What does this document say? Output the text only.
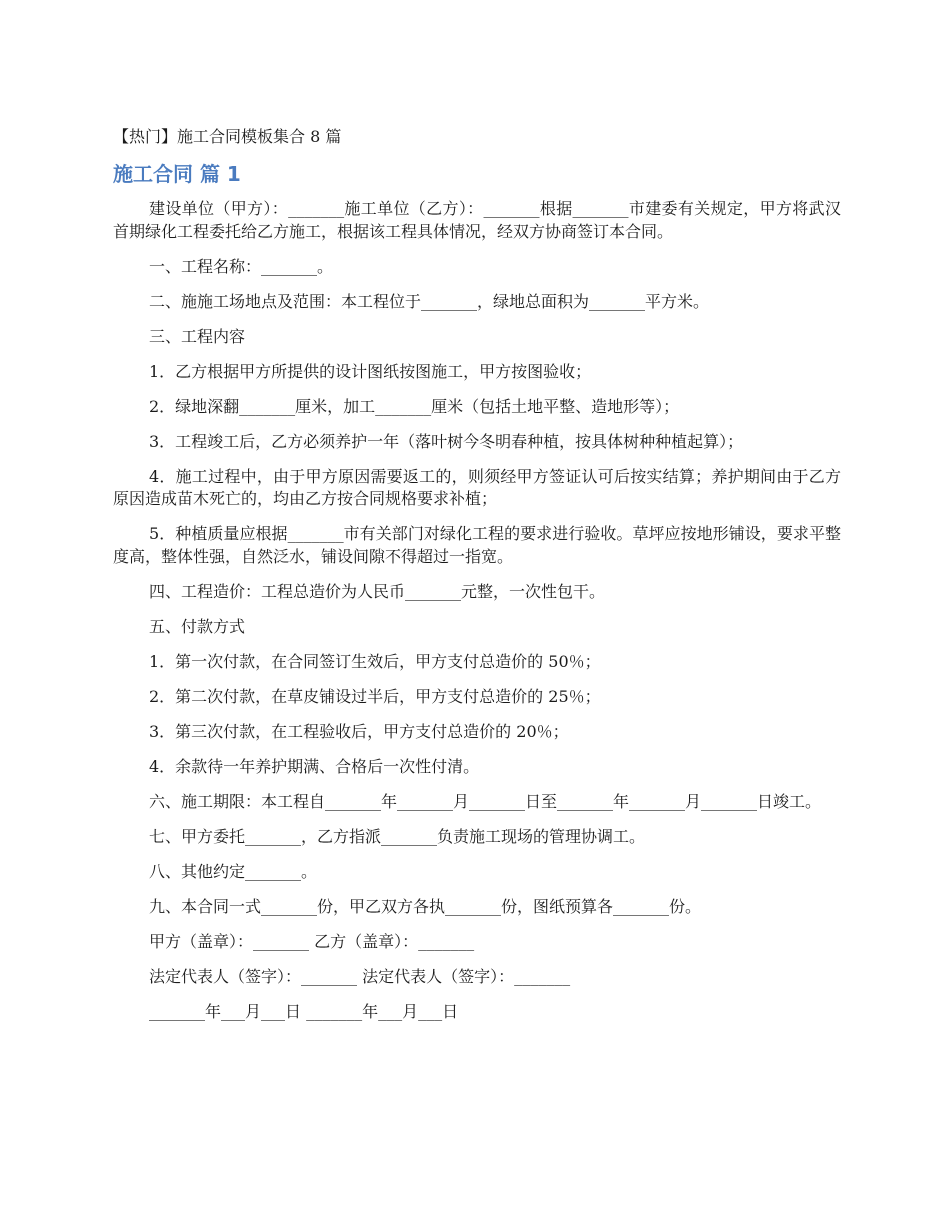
【热门】施工合同模板集合 8 篇

施工合同 篇 1

建设单位（甲方）：_______施工单位（乙方）：_______根据_______市建委有关规定，甲方将武汉首期绿化工程委托给乙方施工，根据该工程具体情况，经双方协商签订本合同。

一、工程名称：_______。

二、施施工场地点及范围：本工程位于_______，绿地总面积为_______平方米。

三、工程内容

1．乙方根据甲方所提供的设计图纸按图施工，甲方按图验收；

2．绿地深翻_______厘米，加工_______厘米（包括土地平整、造地形等）；

3．工程竣工后，乙方必须养护一年（落叶树今冬明春种植，按具体树种种植起算）；

4．施工过程中，由于甲方原因需要返工的，则须经甲方签证认可后按实结算；养护期间由于乙方原因造成苗木死亡的，均由乙方按合同规格要求补植；

5．种植质量应根据_______市有关部门对绿化工程的要求进行验收。草坪应按地形铺设，要求平整度高，整体性强，自然泛水，铺设间隙不得超过一指宽。

四、工程造价：工程总造价为人民币_______元整，一次性包干。

五、付款方式

1．第一次付款，在合同签订生效后，甲方支付总造价的 50％；

2．第二次付款，在草皮铺设过半后，甲方支付总造价的 25％；

3．第三次付款，在工程验收后，甲方支付总造价的 20％；

4．余款待一年养护期满、合格后一次性付清。

六、施工期限：本工程自_______年_______月_______日至_______年_______月_______日竣工。

七、甲方委托_______，乙方指派_______负责施工现场的管理协调工。

八、其他约定_______。

九、本合同一式_______份，甲乙双方各执_______份，图纸预算各_______份。

甲方（盖章）：_______ 乙方（盖章）：_______

法定代表人（签字）：_______ 法定代表人（签字）：_______

_______年___月___日 _______年___月___日
